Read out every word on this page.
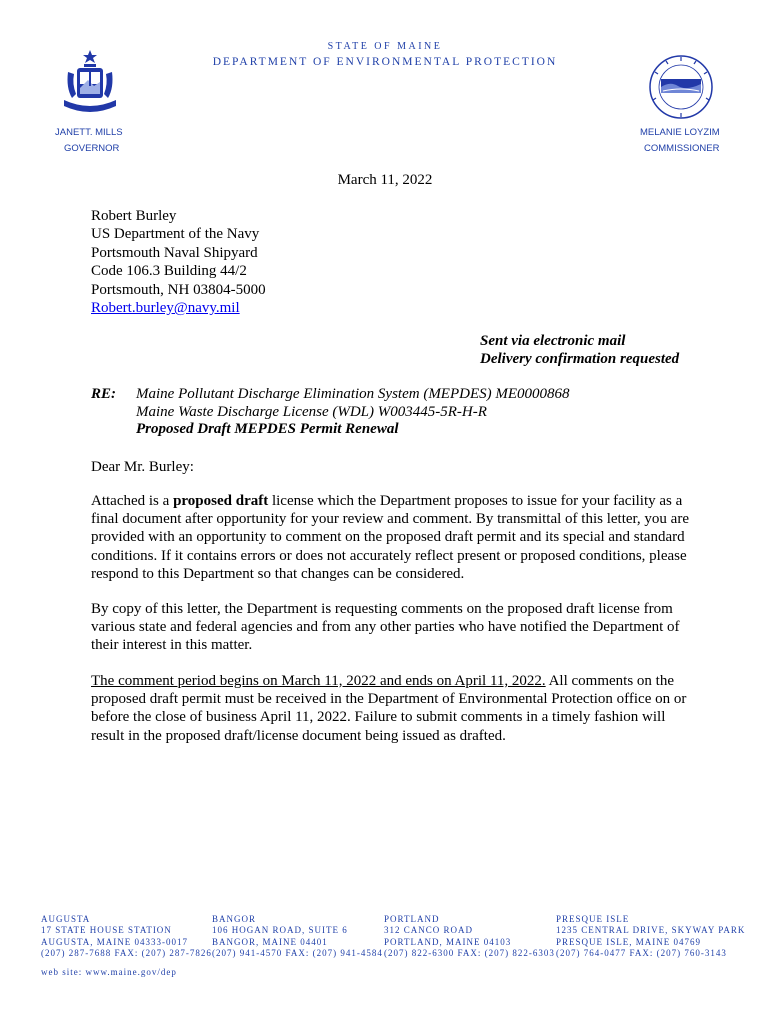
STATE OF MAINE
DEPARTMENT OF ENVIRONMENTAL PROTECTION
JANETT. MILLS
GOVERNOR
MELANIE LOYZIM
COMMISSIONER
March 11, 2022
Robert Burley
US Department of the Navy
Portsmouth Naval Shipyard
Code 106.3 Building 44/2
Portsmouth, NH 03804-5000
Robert.burley@navy.mil
Sent via electronic mail
Delivery confirmation requested
RE: Maine Pollutant Discharge Elimination System (MEPDES) ME0000868
Maine Waste Discharge License (WDL) W003445-5R-H-R
Proposed Draft MEPDES Permit Renewal
Dear Mr. Burley:
Attached is a proposed draft license which the Department proposes to issue for your facility as a final document after opportunity for your review and comment. By transmittal of this letter, you are provided with an opportunity to comment on the proposed draft permit and its special and standard conditions. If it contains errors or does not accurately reflect present or proposed conditions, please respond to this Department so that changes can be considered.
By copy of this letter, the Department is requesting comments on the proposed draft license from various state and federal agencies and from any other parties who have notified the Department of their interest in this matter.
The comment period begins on March 11, 2022 and ends on April 11, 2022. All comments on the proposed draft permit must be received in the Department of Environmental Protection office on or before the close of business April 11, 2022. Failure to submit comments in a timely fashion will result in the proposed draft/license document being issued as drafted.
AUGUSTA
17 STATE HOUSE STATION
AUGUSTA, MAINE 04333-0017
(207) 287-7688 FAX: (207) 287-7826
BANGOR
106 HOGAN ROAD, SUITE 6
BANGOR, MAINE 04401
(207) 941-4570 FAX: (207) 941-4584
PORTLAND
312 CANCO ROAD
PORTLAND, MAINE 04103
(207) 822-6300 FAX: (207) 822-6303
PRESQUE ISLE
1235 CENTRAL DRIVE, SKYWAY PARK
PRESQUE ISLE, MAINE 04769
(207) 764-0477 FAX: (207) 760-3143
web site: www.maine.gov/dep
